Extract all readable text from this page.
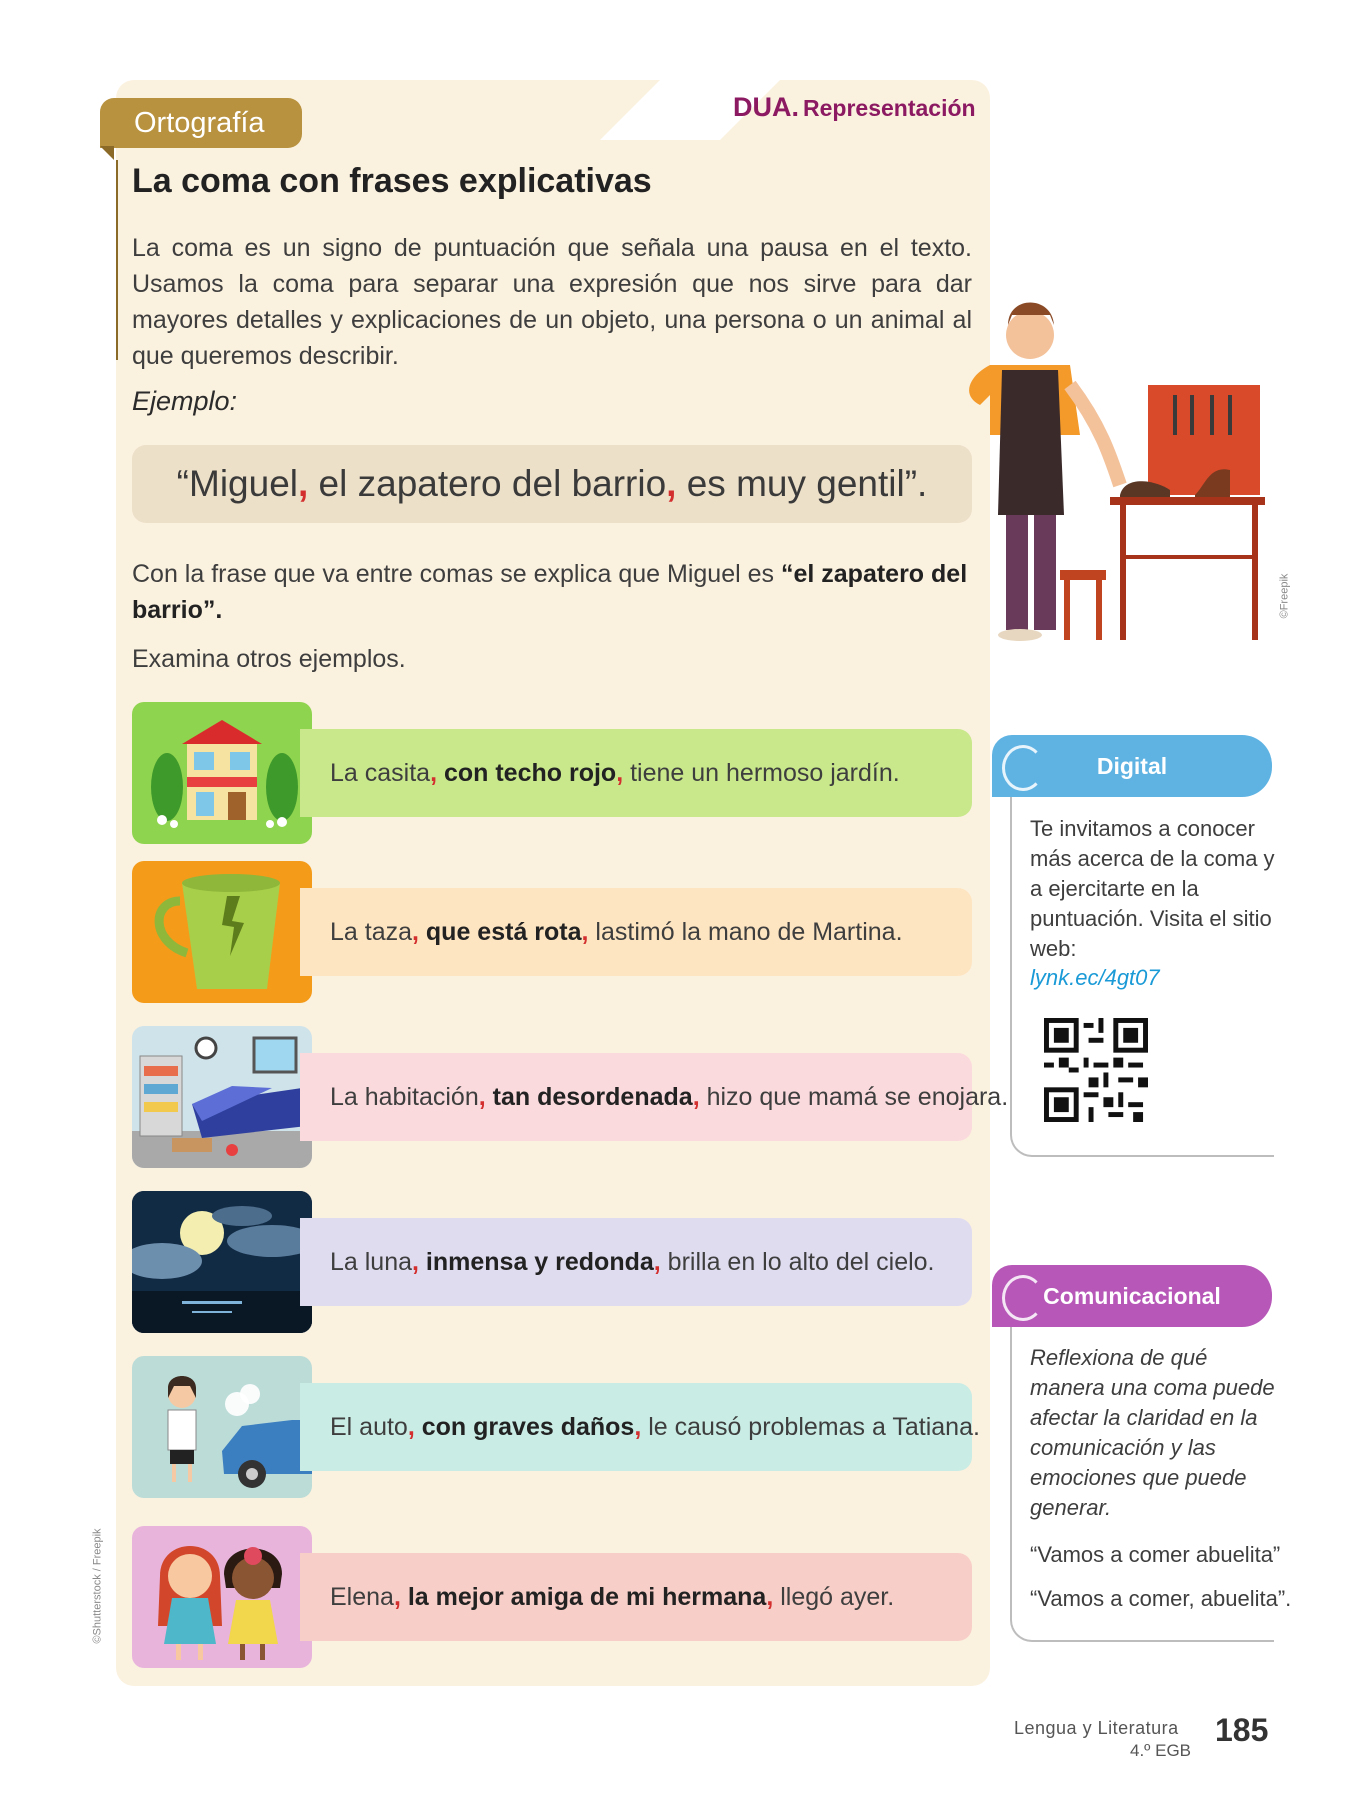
Ortografía	DUA. Representación
La coma con frases explicativas
La coma es un signo de puntuación que señala una pausa en el texto. Usamos la coma para separar una expresión que nos sirve para dar mayores detalles y explicaciones de un objeto, una persona o un animal al que queremos describir.
Ejemplo:
“Miguel, el zapatero del barrio, es muy gentil”.
Con la frase que va entre comas se explica que Miguel es “el zapatero del barrio”.
Examina otros ejemplos.
La casita, con techo rojo, tiene un hermoso jardín.
La taza, que está rota, lastimó la mano de Martina.
La habitación, tan desordenada, hizo que mamá se enojara.
La luna, inmensa y redonda, brilla en lo alto del cielo.
El auto, con graves daños, le causó problemas a Tatiana.
Elena, la mejor amiga de mi hermana, llegó ayer.
©Freepik
©Shutterstock / Freepik
Digital
Te invitamos a conocer más acerca de la coma y a ejercitarte en la puntuación. Visita el sitio web:
lynk.ec/4gt07
Comunicacional
Reflexiona de qué manera una coma puede afectar la claridad en la comunicación y las emociones que puede generar.
“Vamos a comer abuelita”
“Vamos a comer, abuelita”.
Lengua y Literatura
4.º EGB
185
